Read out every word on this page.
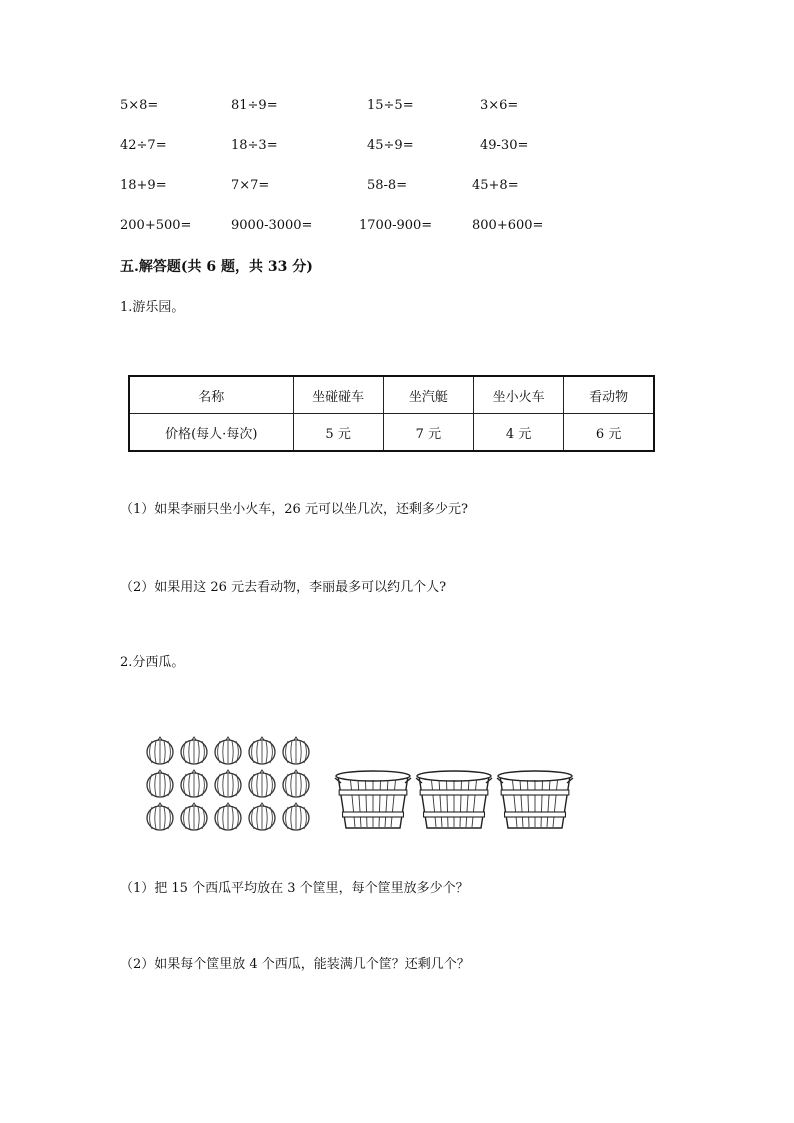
5×8=	81÷9=	15÷5=	3×6=
42÷7=	18÷3=	45÷9=	49-30=
18+9=	7×7=	58-8=	45+8=
200+500=	9000-3000=	1700-900=	800+600=
五.解答题(共 6 题，共 33 分)
1.游乐园。
名称	坐碰碰车	坐汽艇	坐小火车	看动物
价格(每人·每次)	5 元	7 元	4 元	6 元
（1）如果李丽只坐小火车，26 元可以坐几次，还剩多少元?
（2）如果用这 26 元去看动物，李丽最多可以约几个人?
2.分西瓜。
（1）把 15 个西瓜平均放在 3 个筐里，每个筐里放多少个？
（2）如果每个筐里放 4 个西瓜，能装满几个筐？还剩几个？
